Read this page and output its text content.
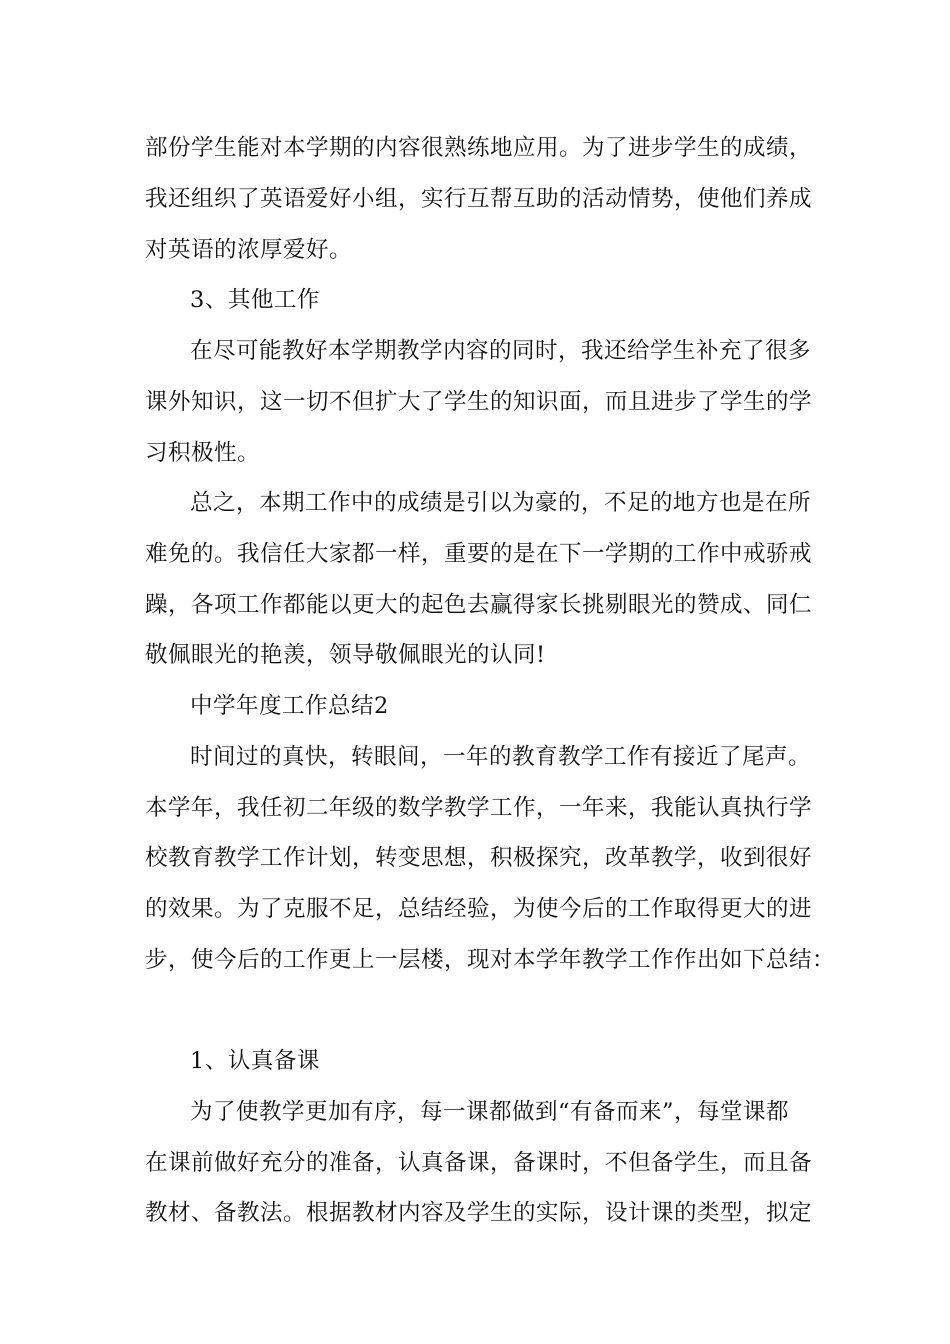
部份学生能对本学期的内容很熟练地应用。为了进步学生的成绩，
我还组织了英语爱好小组，实行互帮互助的活动情势，使他们养成
对英语的浓厚爱好。
3、其他工作
在尽可能教好本学期教学内容的同时，我还给学生补充了很多
课外知识，这一切不但扩大了学生的知识面，而且进步了学生的学
习积极性。
总之，本期工作中的成绩是引以为豪的，不足的地方也是在所
难免的。我信任大家都一样，重要的是在下一学期的工作中戒骄戒
躁，各项工作都能以更大的起色去赢得家长挑剔眼光的赞成、同仁
敬佩眼光的艳羡，领导敬佩眼光的认同!
中学年度工作总结2
时间过的真快，转眼间，一年的教育教学工作有接近了尾声。
本学年，我任初二年级的数学教学工作，一年来，我能认真执行学
校教育教学工作计划，转变思想，积极探究，改革教学，收到很好
的效果。为了克服不足，总结经验，为使今后的工作取得更大的进
步，使今后的工作更上一层楼，现对本学年教学工作作出如下总结：
1、认真备课
为了使教学更加有序，每一课都做到“有备而来”，每堂课都
在课前做好充分的准备，认真备课，备课时，不但备学生，而且备
教材、备教法。根据教材内容及学生的实际，设计课的类型，拟定
